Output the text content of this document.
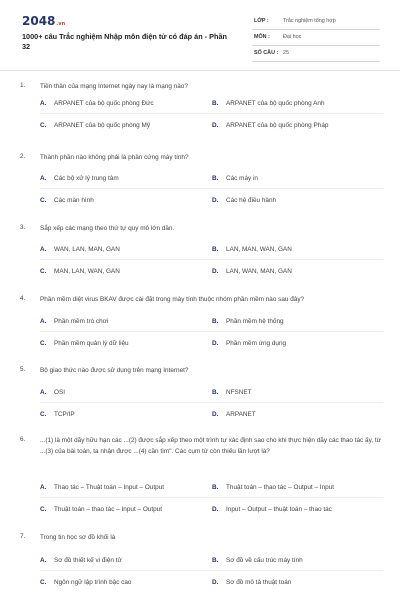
2048.vn
1000+ câu Trắc nghiệm Nhập môn điện tử có đáp án - Phần 32
LỚP :	Trắc nghiệm tổng hợp
MÔN : Đại học
SỐ CÂU : 25
1. Tiền thân của mạng Internet ngày nay là mạng nào?
A. ARPANET của bộ quốc phòng Đức	B. ARPANET của bộ quốc phòng Anh
C. ARPANET của bộ quốc phòng Mỹ	D. ARPANET của bộ quốc phòng Pháp
2. Thành phần nào không phải là phần cứng máy tính?
A. Các bộ xử lý trung tâm	B. Các máy in
C. Các màn hình	D. Các hệ điều hành
3. Sắp xếp các mạng theo thứ tự quy mô lớn dần.
A. WAN, LAN, MAN, GAN	B. LAN, MAN, WAN, GAN
C. MAN, LAN, WAN, GAN	D. LAN, WAN, MAN, GAN
4. Phần mềm diệt virus BKAV được cài đặt trong máy tính thuộc nhóm phần mềm nào sau đây?
A. Phần mềm trò chơi	B. Phần mềm hệ thống
C. Phần mềm quản lý dữ liệu	D. Phần mềm ứng dụng
5. Bộ giao thức nào được sử dụng trên mạng Internet?
A. OSI	B. NFSNET
C. TCP/IP	D. ARPANET
6. ...(1) là một dãy hữu hạn các ...(2) được sắp xếp theo một trình tự xác định sao cho khi thực hiện dãy các thao tác ấy, từ ...(3) của bài toán, ta nhận được ...(4) cần tìm". Các cụm từ còn thiếu lần lượt là?
A. Thao tác – Thuật toán – Input – Output	B. Thuật toán – thao tác – Output – Input
C. Thuật toán – thao tác – Input – Output	D. Input – Output – thuật toán – thao tác
7. Trong tin học sơ đồ khối là
A. Sơ đồ thiết kế vi điện tử	B. Sơ đồ về cấu trúc máy tính
C. Ngôn ngữ lập trình bậc cao	D. Sơ đồ mô tả thuật toán
